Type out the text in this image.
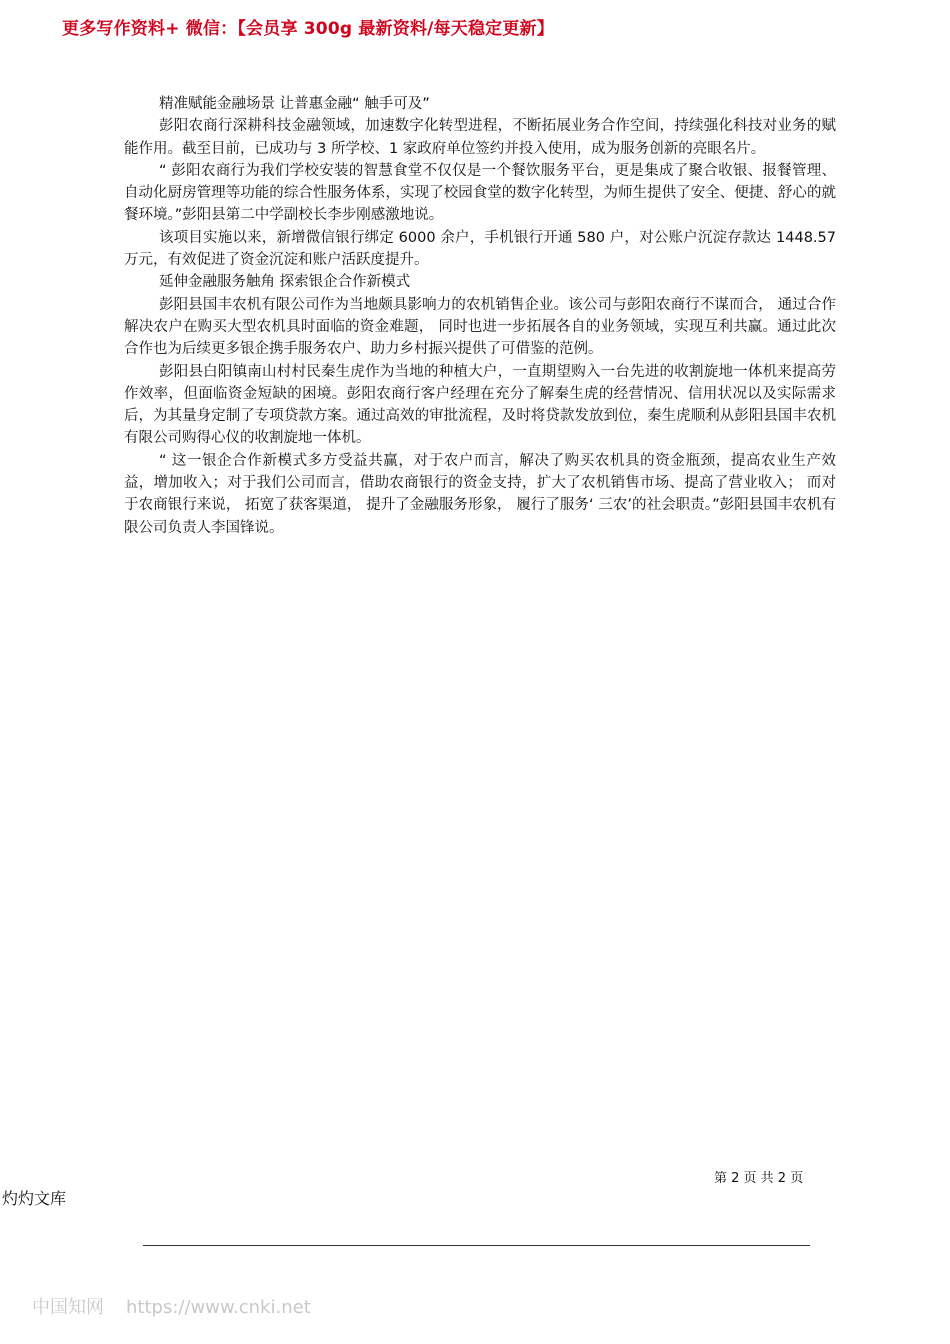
更多写作资料+ 微信：【会员享 300g 最新资料/每天稳定更新】

精准赋能金融场景 让普惠金融“ 触手可及”

彭阳农商行深耕科技金融领域，加速数字化转型进程，不断拓展业务合作空间，持续强化科技对业务的赋能作用。截至目前，已成功与 3 所学校、1 家政府单位签约并投入使用，成为服务创新的亮眼名片。

“ 彭阳农商行为我们学校安装的智慧食堂不仅仅是一个餐饮服务平台，更是集成了聚合收银、报餐管理、自动化厨房管理等功能的综合性服务体系，实现了校园食堂的数字化转型，为师生提供了安全、便捷、舒心的就餐环境。”彭阳县第二中学副校长李步刚感激地说。

该项目实施以来，新增微信银行绑定 6000 余户，手机银行开通 580 户，对公账户沉淀存款达 1448.57 万元，有效促进了资金沉淀和账户活跃度提升。

延伸金融服务触角 探索银企合作新模式

彭阳县国丰农机有限公司作为当地颇具影响力的农机销售企业。该公司与彭阳农商行不谋而合， 通过合作解决农户在购买大型农机具时面临的资金难题， 同时也进一步拓展各自的业务领域，实现互利共赢。通过此次合作也为后续更多银企携手服务农户、助力乡村振兴提供了可借鉴的范例。

彭阳县白阳镇南山村村民秦生虎作为当地的种植大户，一直期望购入一台先进的收割旋地一体机来提高劳作效率，但面临资金短缺的困境。彭阳农商行客户经理在充分了解秦生虎的经营情况、信用状况以及实际需求后，为其量身定制了专项贷款方案。通过高效的审批流程，及时将贷款发放到位，秦生虎顺利从彭阳县国丰农机有限公司购得心仪的收割旋地一体机。

“ 这一银企合作新模式多方受益共赢，对于农户而言，解决了购买农机具的资金瓶颈，提高农业生产效益，增加收入；对于我们公司而言，借助农商银行的资金支持，扩大了农机销售市场、提高了营业收入； 而对于农商银行来说， 拓宽了获客渠道， 提升了金融服务形象， 履行了服务‘ 三农’的社会职责。”彭阳县国丰农机有限公司负责人李国锋说。

第 2 页 共 2 页
灼灼文库
中国知网 https://www.cnki.net
